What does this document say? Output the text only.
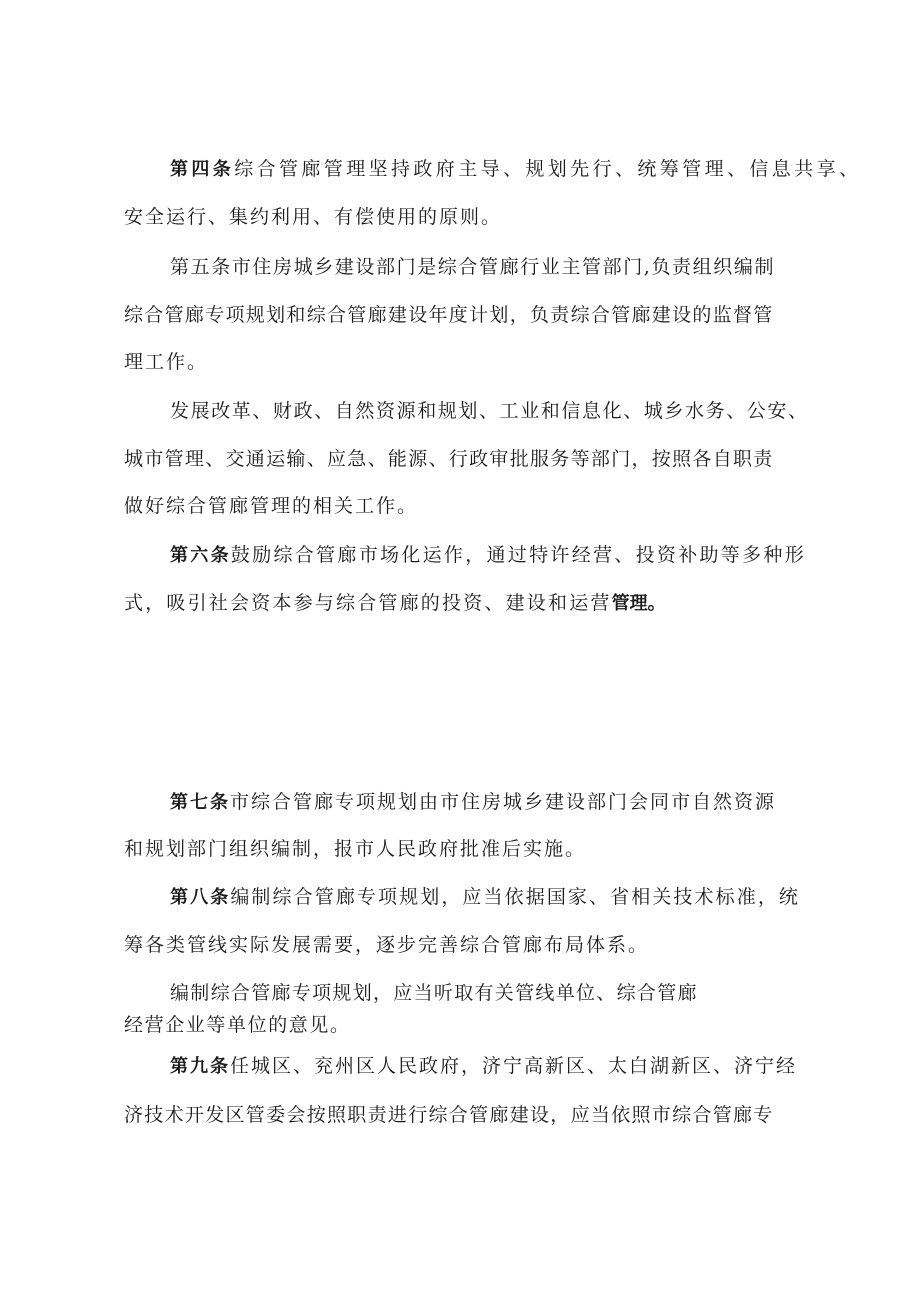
第四条综合管廊管理坚持政府主导、规划先行、统筹管理、信息共享、
安全运行、集约利用、有偿使用的原则。
第五条市住房城乡建设部门是综合管廊行业主管部门,负责组织编制
综合管廊专项规划和综合管廊建设年度计划，负责综合管廊建设的监督管
理工作。
发展改革、财政、自然资源和规划、工业和信息化、城乡水务、公安、
城市管理、交通运输、应急、能源、行政审批服务等部门，按照各自职责
做好综合管廊管理的相关工作。
第六条鼓励综合管廊市场化运作，通过特许经营、投资补助等多种形
式，吸引社会资本参与综合管廊的投资、建设和运营管理。
第七条市综合管廊专项规划由市住房城乡建设部门会同市自然资源
和规划部门组织编制，报市人民政府批准后实施。
第八条编制综合管廊专项规划，应当依据国家、省相关技术标准，统
筹各类管线实际发展需要，逐步完善综合管廊布局体系。
编制综合管廊专项规划，应当听取有关管线单位、综合管廊
经营企业等单位的意见。
第九条任城区、兖州区人民政府，济宁高新区、太白湖新区、济宁经
济技术开发区管委会按照职责进行综合管廊建设，应当依照市综合管廊专
